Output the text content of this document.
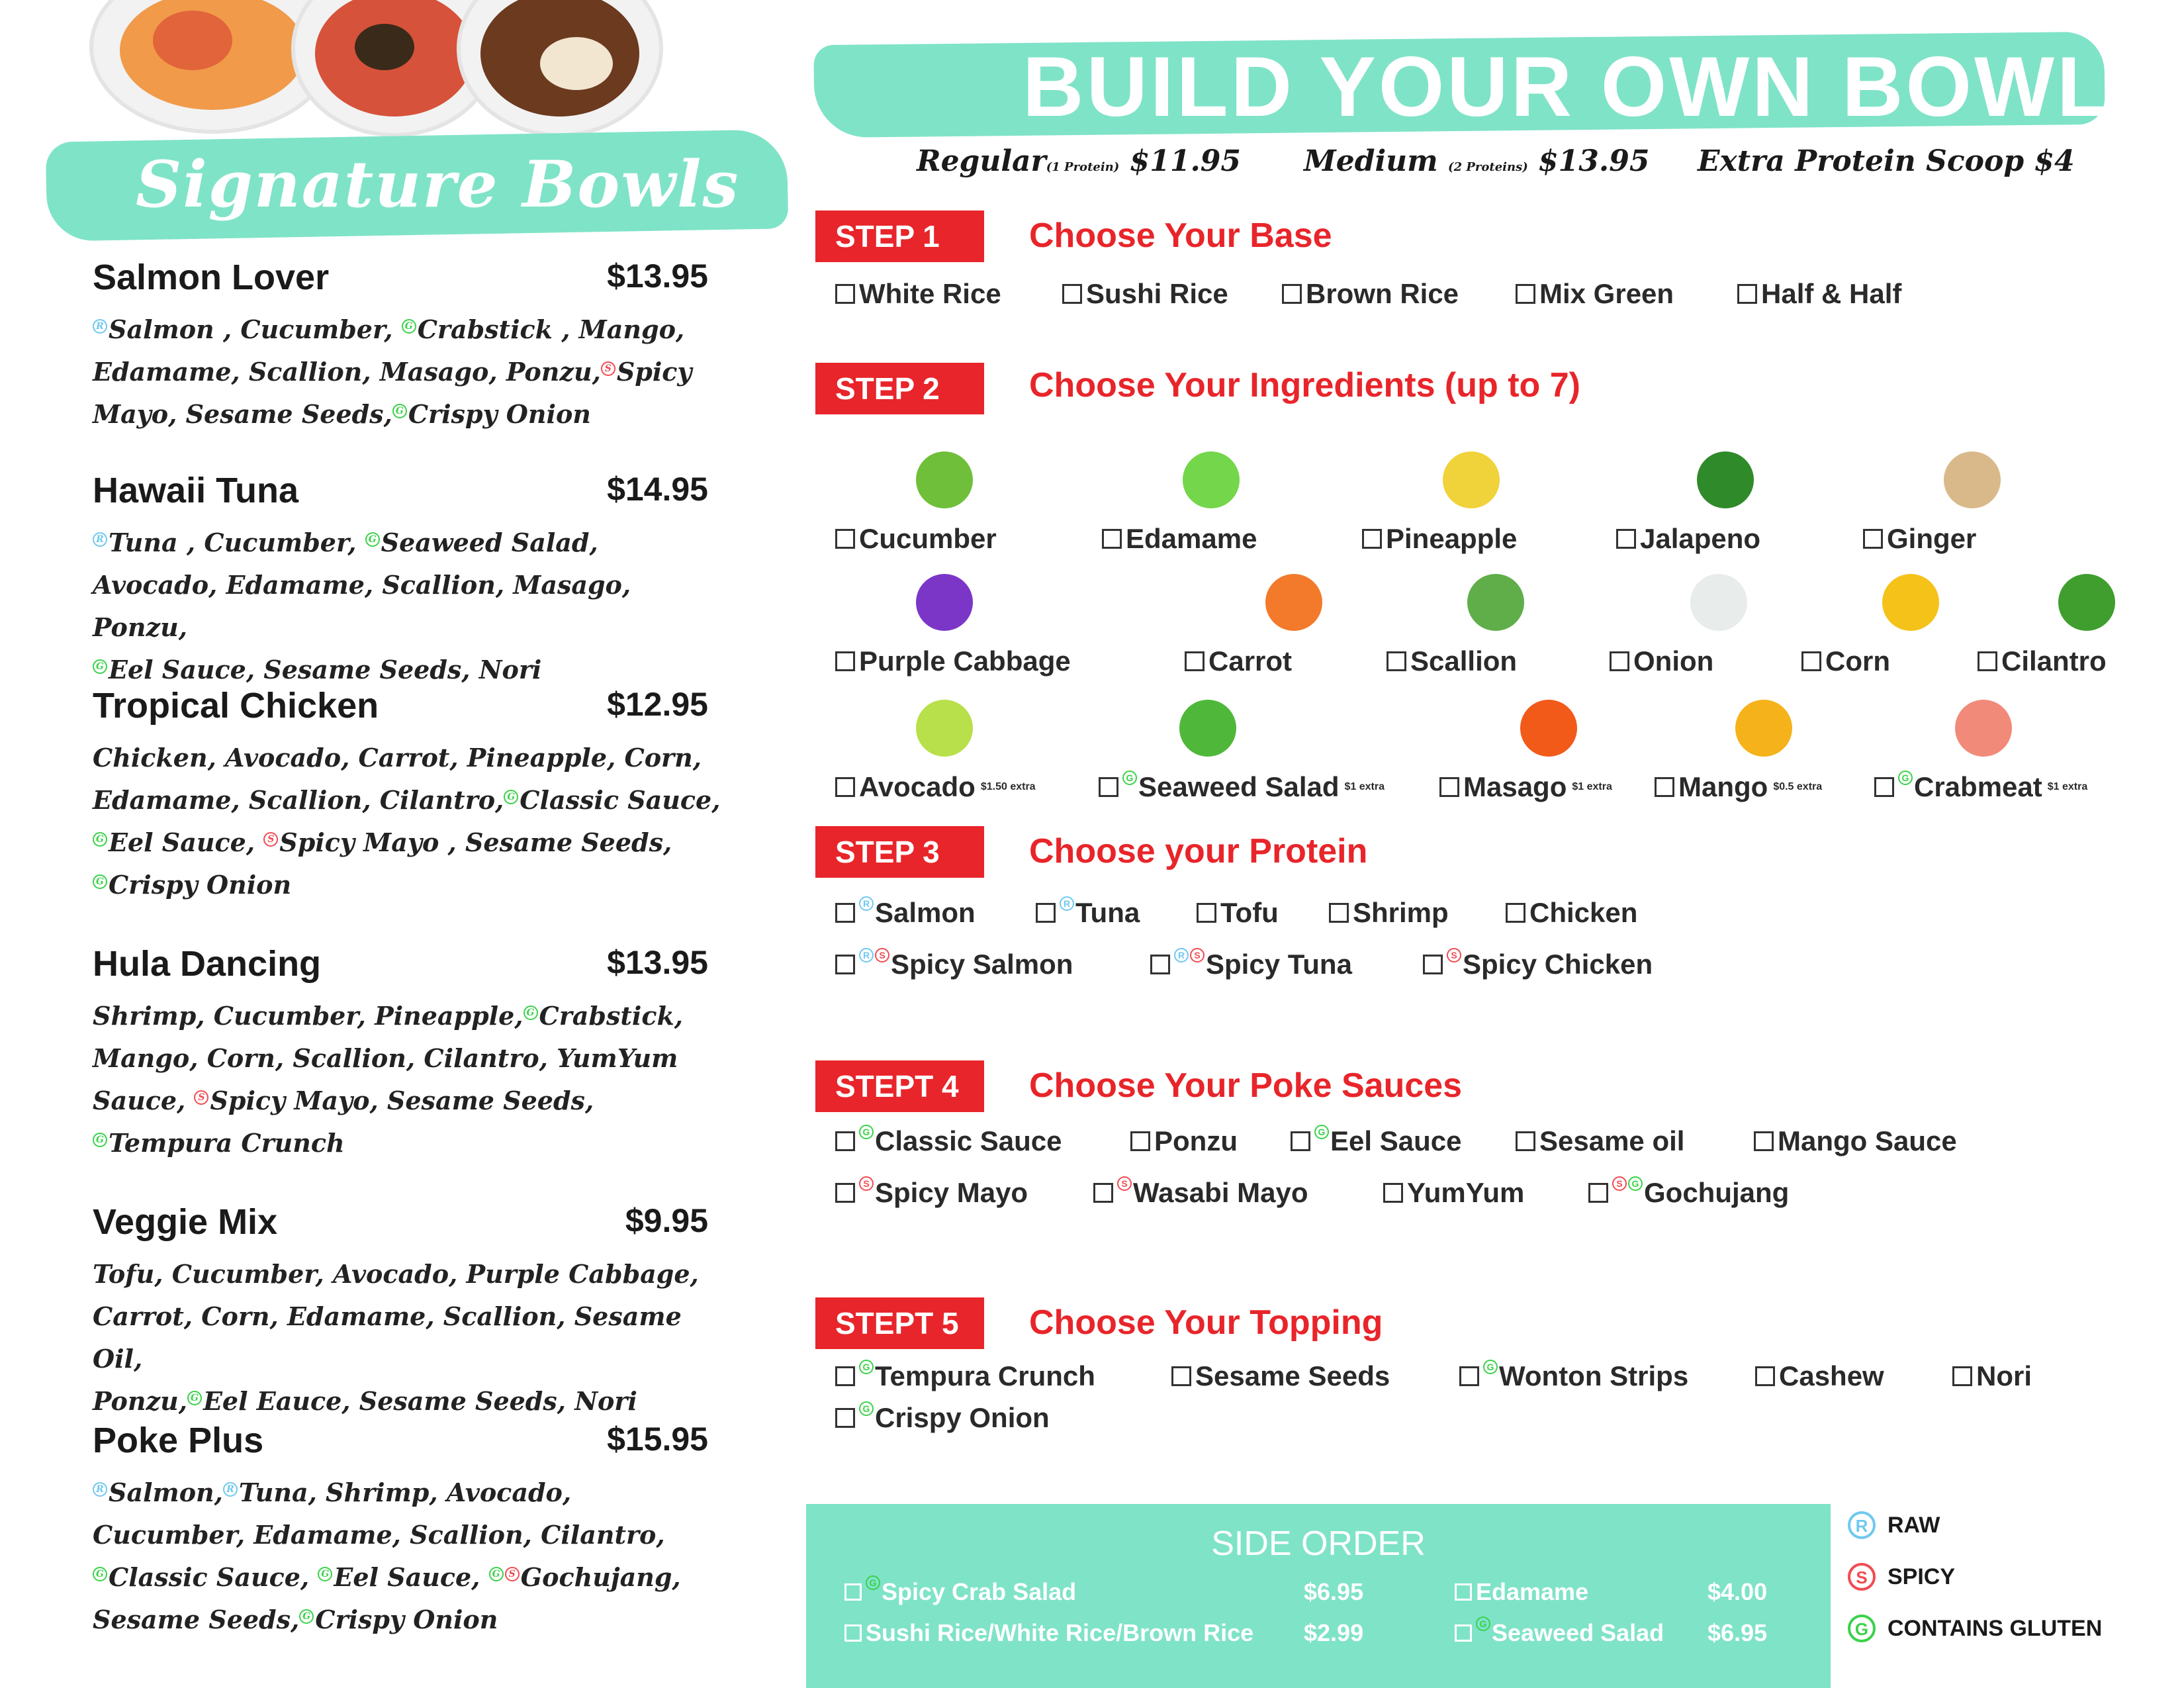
Signature Bowls
BUILD YOUR OWN BOWL
Salmon Lover	$13.95
R Salmon , Cucumber, G Crabstick , Mango,
Edamame, Scallion, Masago, Ponzu, S Spicy
Mayo, Sesame Seeds, G Crispy Onion
Hawaii Tuna	$14.95
R Tuna , Cucumber, G Seaweed Salad,
Avocado, Edamame, Scallion, Masago, Ponzu,
G Eel Sauce, Sesame Seeds, Nori
Tropical Chicken	$12.95
Chicken, Avocado, Carrot, Pineapple, Corn,
Edamame, Scallion, Cilantro, G Classic Sauce,
G Eel Sauce, S Spicy Mayo , Sesame Seeds,
G Crispy Onion
Hula Dancing	$13.95
Shrimp, Cucumber, Pineapple, G Crabstick,
Mango, Corn, Scallion, Cilantro, YumYum
Sauce, S Spicy Mayo, Sesame Seeds,
G Tempura Crunch
Veggie Mix	$9.95
Tofu, Cucumber, Avocado, Purple Cabbage,
Carrot, Corn, Edamame, Scallion, Sesame Oil,
Ponzu, G Eel Eauce, Sesame Seeds, Nori
Poke Plus	$15.95
R Salmon, R Tuna, Shrimp, Avocado,
Cucumber, Edamame, Scallion, Cilantro,
G Classic Sauce, G Eel Sauce, G S Gochujang,
Sesame Seeds, G Crispy Onion
Regular(1 Protein) $11.95 Medium (2 Proteins) $13.95 Extra Protein Scoop $4
STEP 1	Choose Your Base
STEP 2	Choose Your Ingredients (up to 7)
STEP 3	Choose your Protein
STEPT 4	Choose Your Poke Sauces
STEPT 5	Choose Your Topping
White Rice	Sushi Rice	Brown Rice	Mix Green	Half & Half
Cucumber	Edamame	Pineapple	Jalapeno	Ginger
Purple Cabbage	Carrot	Scallion	Onion	Corn	Cilantro
Avocado $1.50 extra
G Seaweed Salad $1 extra	Masago $1 extra Mango $0.5 extra
G Crabmeat $1 extra
R Salmon	R Tuna	Tofu	Shrimp	Chicken
R	S Spicy Salmon	R	S Spicy Tuna	S Spicy Chicken
G Classic Sauce	Ponzu	G Eel Sauce	Sesame oil	Mango Sauce
S Spicy Mayo	S Wasabi Mayo	YumYum	S G Gochujang
G Tempura Crunch	Sesame Seeds	G Wonton Strips	Cashew	Nori
G Crispy Onion
SIDE ORDER
G Spicy Crab Salad	$6.95	Edamame	$4.00
Sushi Rice/White Rice/Brown Rice $2.99	G Seaweed Salad $6.95
R RAW
S SPICY
G CONTAINS GLUTEN
